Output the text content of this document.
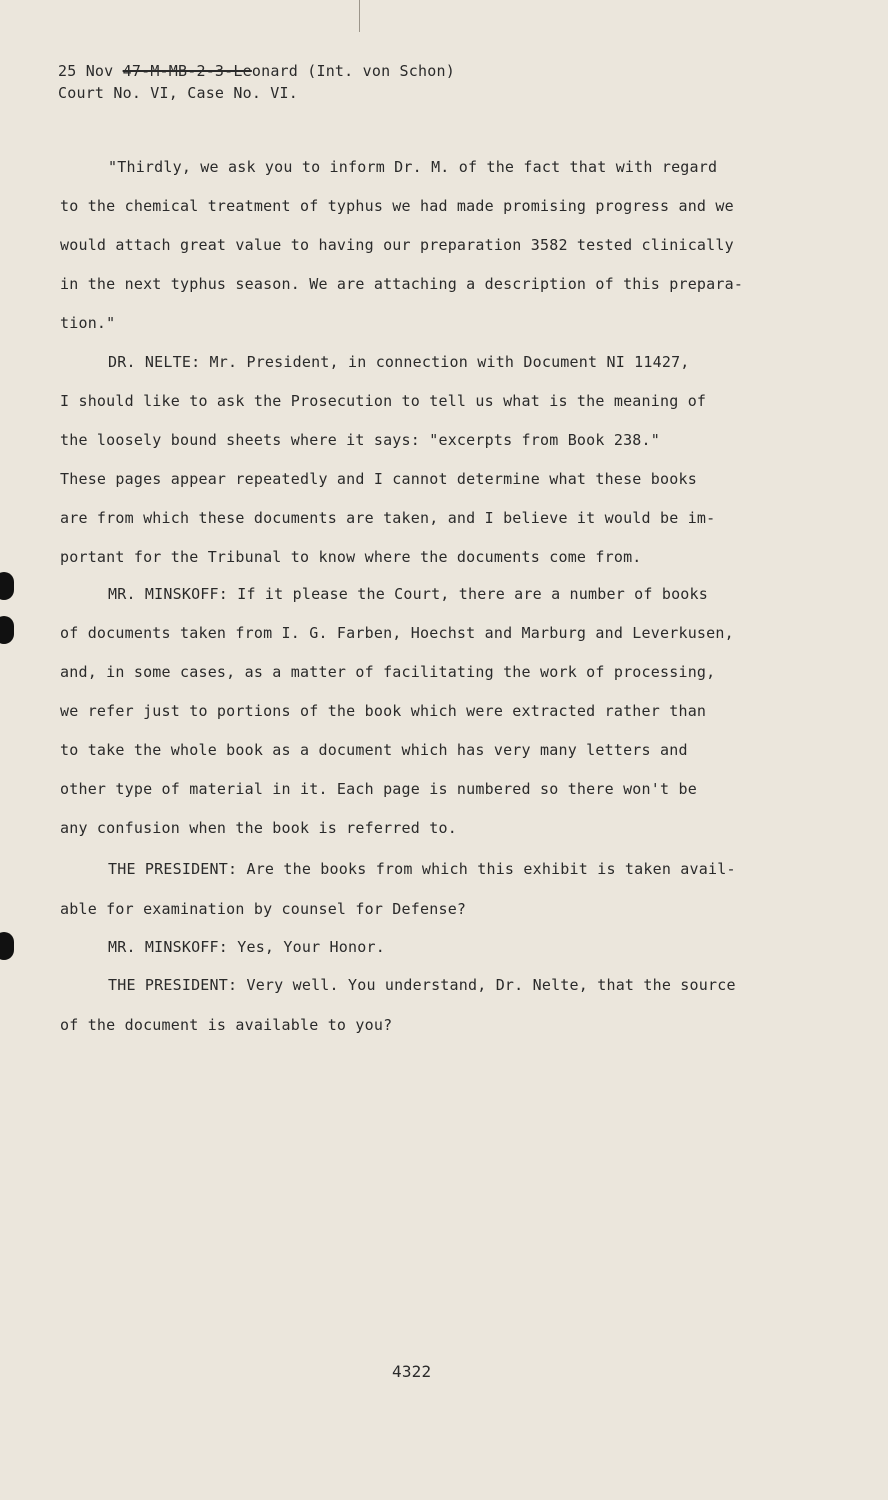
25 Nov 47-M-MB-2-3-Leonard (Int. von Schon)

Court No. VI, Case No. VI.

"Thirdly, we ask you to inform Dr. M. of the fact that with regard

to the chemical treatment of typhus we had made promising progress and we

would attach great value to having our preparation 3582 tested clinically

in the next typhus season. We are attaching a description of this prepara-

tion."

DR. NELTE: Mr. President, in connection with Document NI 11427,

I should like to ask the Prosecution to tell us what is the meaning of

the loosely bound sheets where it says: "excerpts from Book 238."

These pages appear repeatedly and I cannot determine what these books

are from which these documents are taken, and I believe it would be im-

portant for the Tribunal to know where the documents come from.

MR. MINSKOFF: If it please the Court, there are a number of books

of documents taken from I. G. Farben, Hoechst and Marburg and Leverkusen,

and, in some cases, as a matter of facilitating the work of processing,

we refer just to portions of the book which were extracted rather than

to take the whole book as a document which has very many letters and

other type of material in it. Each page is numbered so there won't be

any confusion when the book is referred to.

THE PRESIDENT: Are the books from which this exhibit is taken avail-

able for examination by counsel for Defense?

MR. MINSKOFF: Yes, Your Honor.

THE PRESIDENT: Very well. You understand, Dr. Nelte, that the source

of the document is available to you?

4322
